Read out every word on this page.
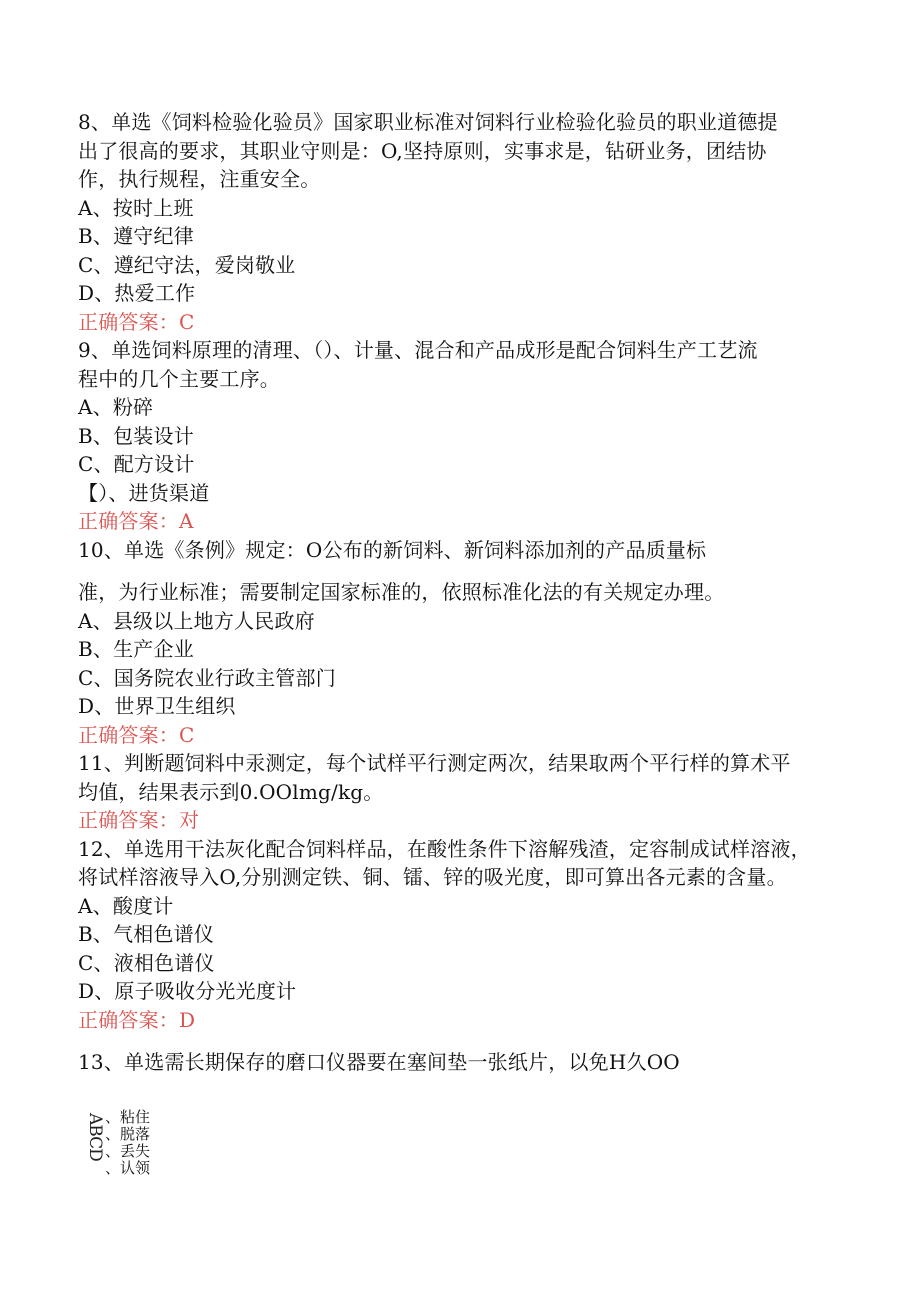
8、单选《饲料检验化验员》国家职业标准对饲料行业检验化验员的职业道德提
出了很高的要求，其职业守则是：O,坚持原则，实事求是，钻研业务，团结协
作，执行规程，注重安全。
A、按时上班
B、遵守纪律
C、遵纪守法，爱岗敬业
D、热爱工作
正确答案：C
9、单选饲料原理的清理、（）、计量、混合和产品成形是配合饲料生产工艺流
程中的几个主要工序。
A、粉碎
B、包装设计
C、配方设计
【）、进货渠道
正确答案：A
10、单选《条例》规定：O公布的新饲料、新饲料添加剂的产品质量标
准，为行业标准；需要制定国家标准的，依照标准化法的有关规定办理。
A、县级以上地方人民政府
B、生产企业
C、国务院农业行政主管部门
D、世界卫生组织
正确答案：C
11、判断题饲料中汞测定，每个试样平行测定两次，结果取两个平行样的算术平
均值，结果表示到0.OOlmg/kg。
正确答案：对
12、单选用干法灰化配合饲料样品，在酸性条件下溶解残渣，定容制成试样溶液，
将试样溶液导入O,分别测定铁、铜、镭、锌的吸光度，即可算出各元素的含量。
A、酸度计
B、气相色谱仪
C、液相色谱仪
D、原子吸收分光光度计
正确答案：D
13、单选需长期保存的磨口仪器要在塞间垫一张纸片，以免H久OO
ABCD 、粘住
、脱落
、丢失
、认领
